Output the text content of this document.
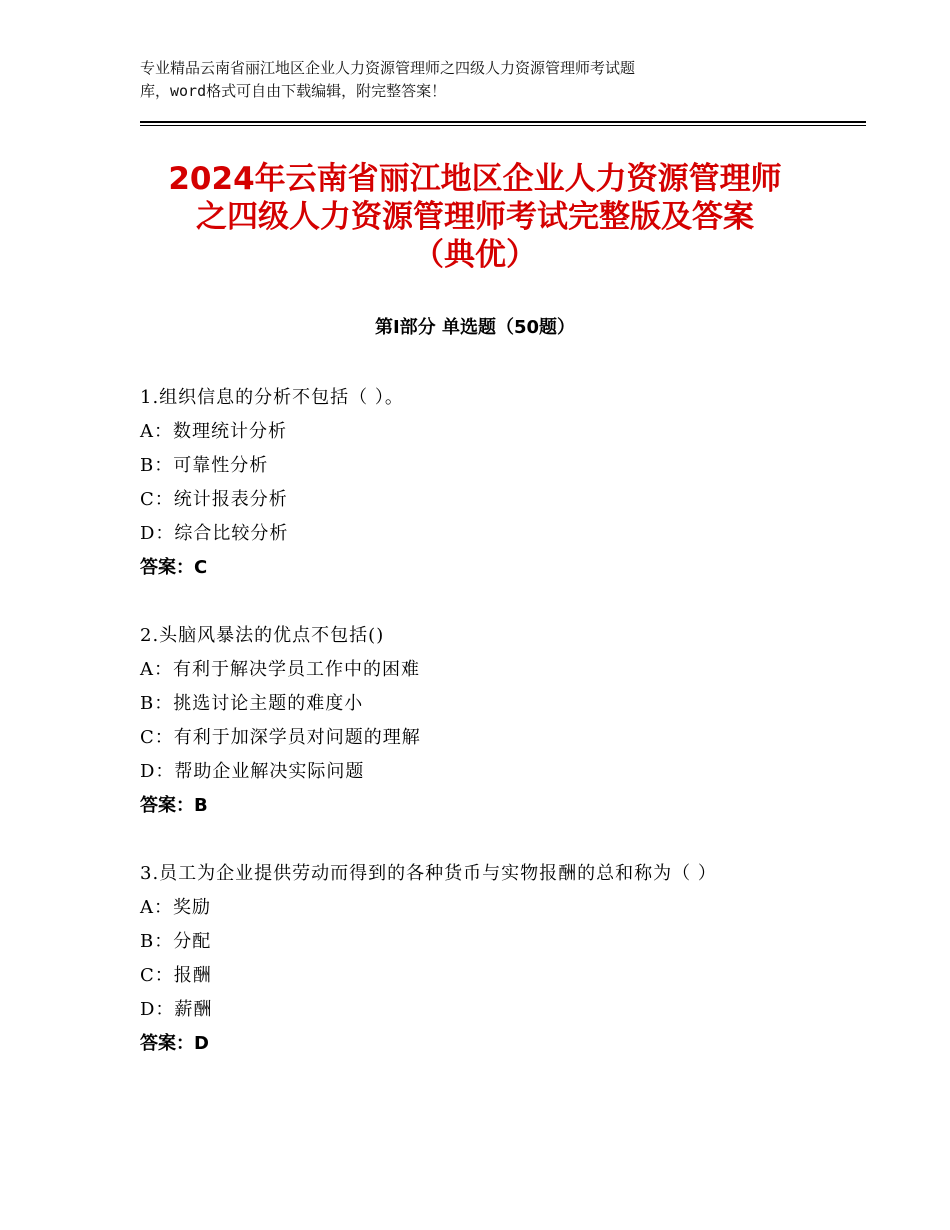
专业精品云南省丽江地区企业人力资源管理师之四级人力资源管理师考试题
库，word格式可自由下载编辑，附完整答案！
2024年云南省丽江地区企业人力资源管理师
之四级人力资源管理师考试完整版及答案
（典优）
第Ⅰ部分 单选题（50题）
1.组织信息的分析不包括（ ）。
A：数理统计分析
B：可靠性分析
C：统计报表分析
D：综合比较分析
答案：C
2.头脑风暴法的优点不包括()
A：有利于解决学员工作中的困难
B：挑选讨论主题的难度小
C：有利于加深学员对问题的理解
D：帮助企业解决实际问题
答案：B
3.员工为企业提供劳动而得到的各种货币与实物报酬的总和称为（ ）
A：奖励
B：分配
C：报酬
D：薪酬
答案：D
